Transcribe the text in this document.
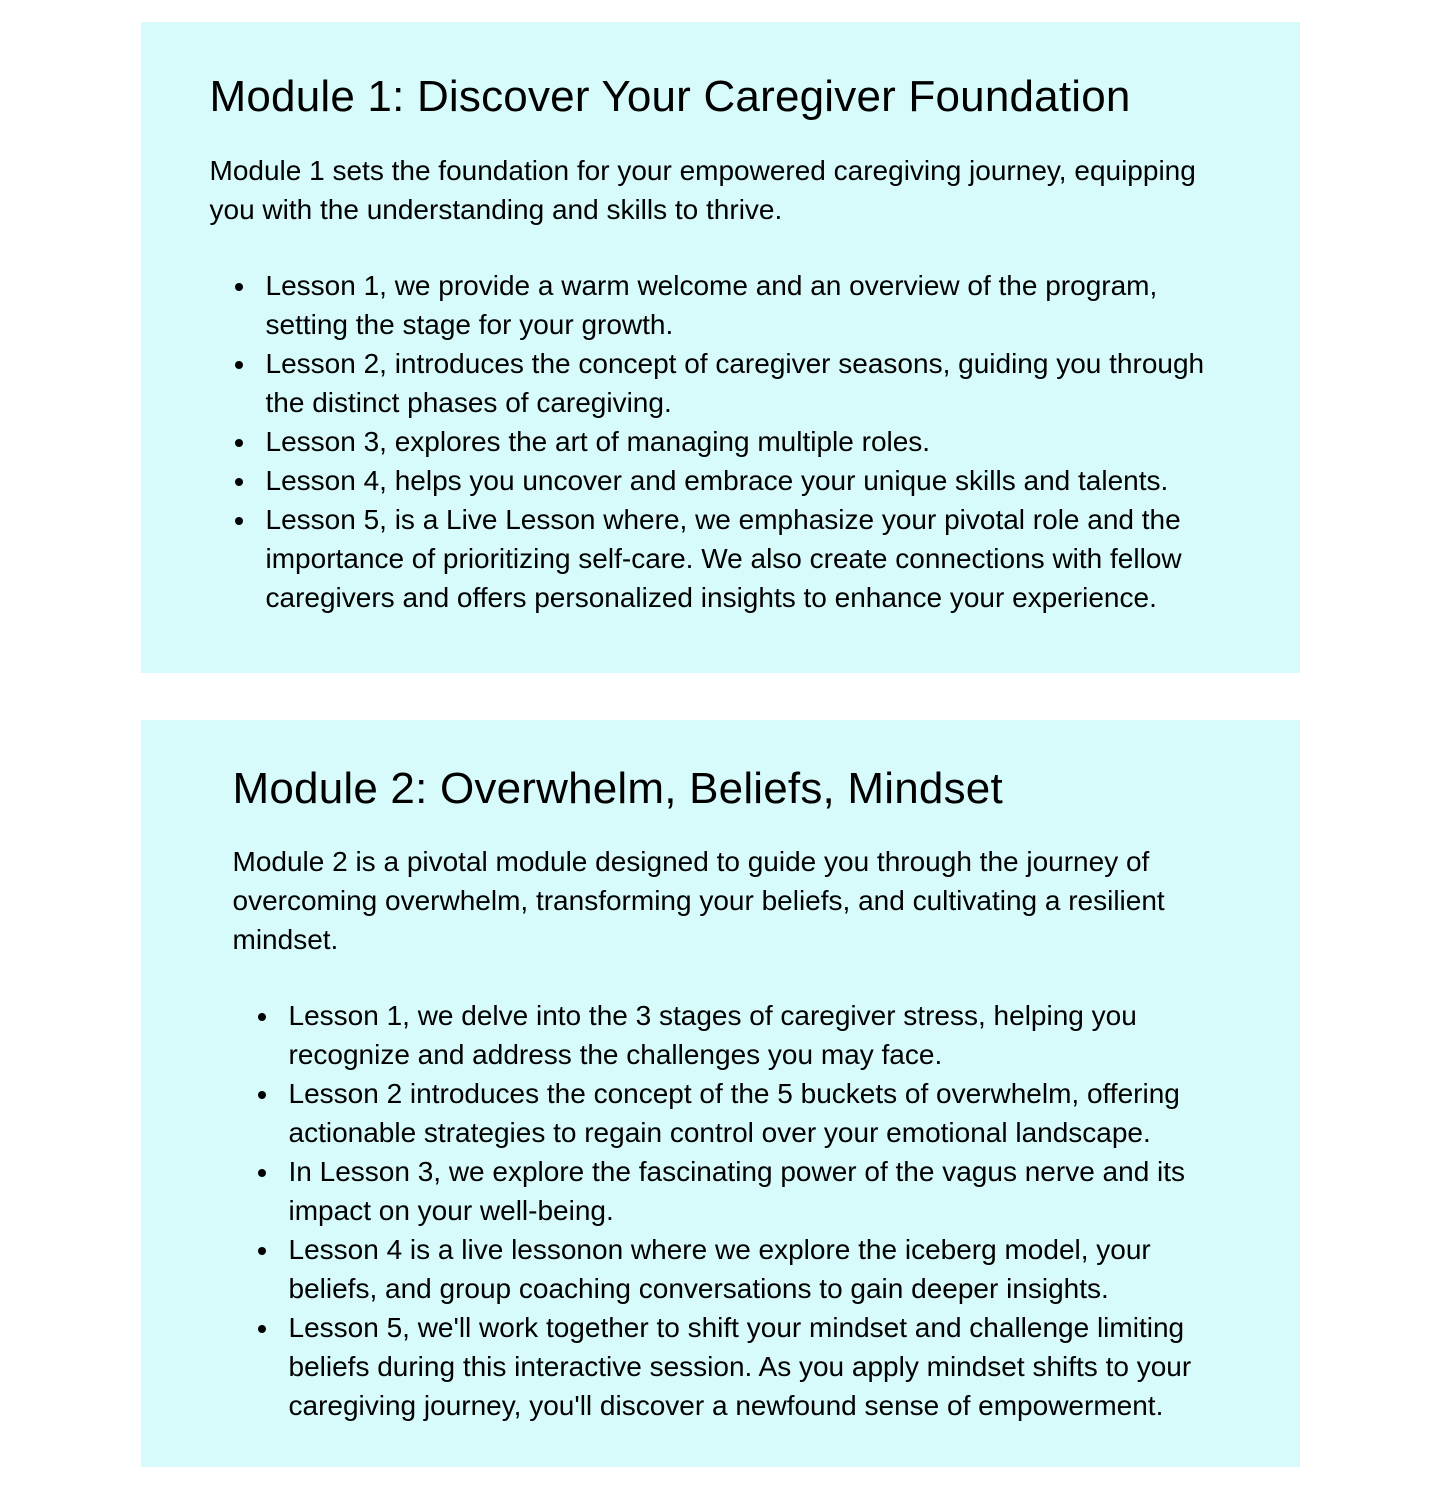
Module 1: Discover Your Caregiver Foundation

Module 1 sets the foundation for your empowered caregiving journey, equipping you with the understanding and skills to thrive.

• Lesson 1, we provide a warm welcome and an overview of the program, setting the stage for your growth.
• Lesson 2, introduces the concept of caregiver seasons, guiding you through the distinct phases of caregiving.
• Lesson 3, explores the art of managing multiple roles.
• Lesson 4, helps you uncover and embrace your unique skills and talents.
• Lesson 5, is a Live Lesson where, we emphasize your pivotal role and the importance of prioritizing self-care. We also create connections with fellow caregivers and offers personalized insights to enhance your experience.
Module 2: Overwhelm, Beliefs, Mindset

Module 2 is a pivotal module designed to guide you through the journey of overcoming overwhelm, transforming your beliefs, and cultivating a resilient mindset.

• Lesson 1, we delve into the 3 stages of caregiver stress, helping you recognize and address the challenges you may face.
• Lesson 2 introduces the concept of the 5 buckets of overwhelm, offering actionable strategies to regain control over your emotional landscape.
• In Lesson 3, we explore the fascinating power of the vagus nerve and its impact on your well-being.
• Lesson 4 is a live lessonon where we explore the iceberg model, your beliefs, and group coaching conversations to gain deeper insights.
• Lesson 5, we'll work together to shift your mindset and challenge limiting beliefs during this interactive session. As you apply mindset shifts to your caregiving journey, you'll discover a newfound sense of empowerment.
